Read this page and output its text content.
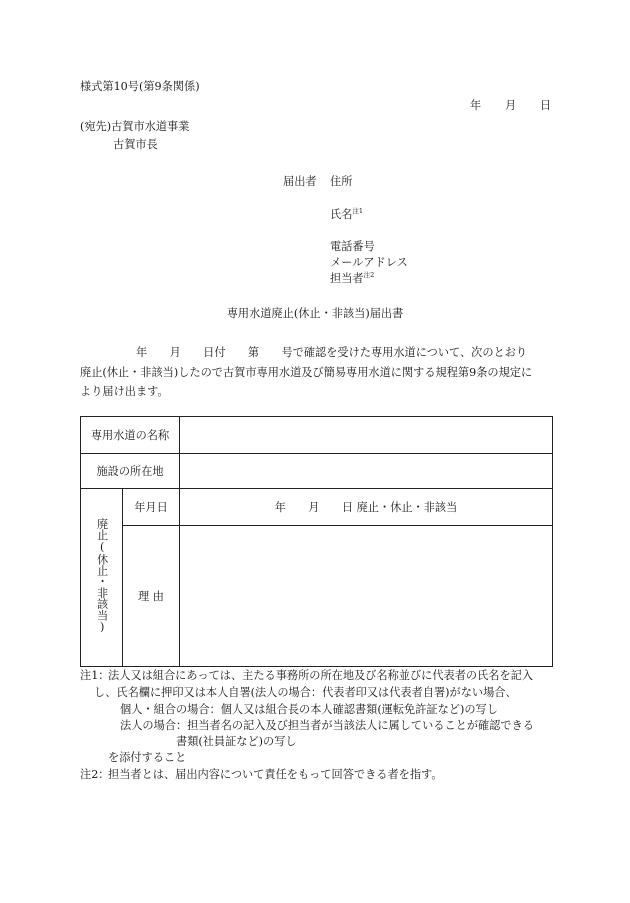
様式第10号(第9条関係)
年 月 日
(宛先)古賀市水道事業
古賀市長
届出者 住所
氏名$^{注1}$
電話番号
メールアドレス
担当者$^{注2}$
専用水道廃止(休止・非該当)届出書
年　　月　　日付　　第　　号で確認を受けた専用水道について、次のとおり
廃止(休止・非該当)したので古賀市専用水道及び簡易専用水道に関する規程第9条の規定に
より届け出ます。
専用水道の名称		
施設の所在地		
廃止(休止・非該当)	年月日	年　　月　　日 廃止・休止・非該当
	理 由	
注1：
法人又は組合にあっては、主たる事務所の所在地及び名称並びに代表者の氏名を記入
し、氏名欄に押印又は本人自署(法人の場合：代表者印又は代表者自署)がない場合、
個人・組合の場合：個人又は組合長の本人確認書類(運転免許証など)の写し
法人の場合：担当者名の記入及び担当者が当該法人に属していることが確認できる
書類(社員証など)の写し
を添付すること
注2：
担当者とは、届出内容について責任をもって回答できる者を指す。
